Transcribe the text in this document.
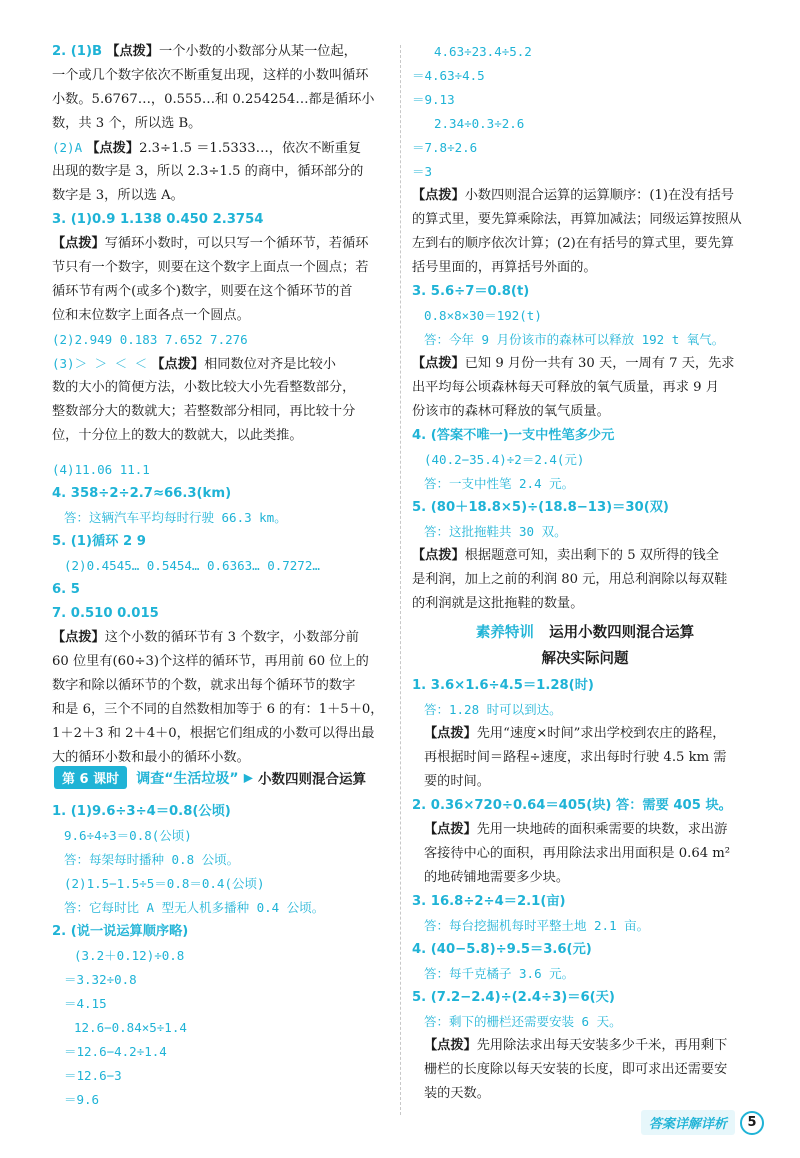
2. (1)B 【点拨】一个小数的小数部分从某一位起，
一个或几个数字依次不断重复出现，这样的小数叫循环
小数。5.6767…，0.555…和 0.254254…都是循环小
数，共 3 个，所以选 B。
(2)A 【点拨】2.3÷1.5 ＝1.5333…，依次不断重复
出现的数字是 3，所以 2.3÷1.5 的商中，循环部分的
数字是 3，所以选 A。
3. (1)0.9 1.138 0.450 2.3754
【点拨】写循环小数时，可以只写一个循环节，若循环
节只有一个数字，则要在这个数字上面点一个圆点；若
循环节有两个(或多个)数字，则要在这个循环节的首
位和末位数字上面各点一个圆点。
(2)2.949 0.183 7.652 7.276
(3)＞ ＞ ＜ ＜ 【点拨】相同数位对齐是比较小
数的大小的简便方法，小数比较大小先看整数部分，
整数部分大的数就大；若整数部分相同，再比较十分
位，十分位上的数大的数就大，以此类推。
(4)11.06 11.1
4. 358÷2÷2.7≈66.3(km)
答：这辆汽车平均每时行驶 66.3 km。
5. (1)循环 2 9
(2)0.4545… 0.5454… 0.6363… 0.7272…
6. 5
7. 0.510 0.015
【点拨】这个小数的循环节有 3 个数字，小数部分前
60 位里有(60÷3)个这样的循环节，再用前 60 位上的
数字和除以循环节的个数，就求出每个循环节的数字
和是 6，三个不同的自然数相加等于 6 的有：1＋5＋0，
1＋2＋3 和 2＋4＋0，根据它们组成的小数可以得出最
大的循环小数和最小的循环小数。
第 6 课时 调查“生活垃圾” ▶ 小数四则混合运算
1. (1)9.6÷3÷4＝0.8(公顷)
9.6÷4÷3＝0.8(公顷)
答：每架每时播种 0.8 公顷。
(2)1.5−1.5÷5＝0.8＝0.4(公顷)
答：它每时比 A 型无人机多播种 0.4 公顷。
2. (说一说运算顺序略)
(3.2＋0.12)÷0.8
＝3.32÷0.8
＝4.15
12.6−0.84×5÷1.4
＝12.6−4.2÷1.4
＝12.6−3
＝9.6
4.63÷23.4÷5.2
＝4.63÷4.5
＝9.13
2.34÷0.3÷2.6
＝7.8÷2.6
＝3
【点拨】小数四则混合运算的运算顺序：(1)在没有括号
的算式里，要先算乘除法，再算加减法；同级运算按照从
左到右的顺序依次计算；(2)在有括号的算式里，要先算
括号里面的，再算括号外面的。
3. 5.6÷7＝0.8(t)
0.8×8×30＝192(t)
答：今年 9 月份该市的森林可以释放 192 t 氧气。
【点拨】已知 9 月份一共有 30 天，一周有 7 天，先求
出平均每公顷森林每天可释放的氧气质量，再求 9 月
份该市的森林可释放的氧气质量。
4. (答案不唯一)一支中性笔多少元
(40.2−35.4)÷2＝2.4(元)
答：一支中性笔 2.4 元。
5. (80＋18.8×5)÷(18.8−13)＝30(双)
答：这批拖鞋共 30 双。
【点拨】根据题意可知，卖出剩下的 5 双所得的钱全
是利润，加上之前的利润 80 元，用总利润除以每双鞋
的利润就是这批拖鞋的数量。
素养特训 运用小数四则混合运算
解决实际问题
1. 3.6×1.6÷4.5＝1.28(时)
答：1.28 时可以到达。
【点拨】先用“速度×时间”求出学校到农庄的路程，
再根据时间＝路程÷速度，求出每时行驶 4.5 km 需
要的时间。
2. 0.36×720÷0.64＝405(块) 答：需要 405 块。
【点拨】先用一块地砖的面积乘需要的块数，求出游
客接待中心的面积，再用除法求出用面积是 0.64 m²
的地砖铺地需要多少块。
3. 16.8÷2÷4＝2.1(亩)
答：每台挖掘机每时平整土地 2.1 亩。
4. (40−5.8)÷9.5＝3.6(元)
答：每千克橘子 3.6 元。
5. (7.2−2.4)÷(2.4÷3)＝6(天)
答：剩下的栅栏还需要安装 6 天。
【点拨】先用除法求出每天安装多少千米，再用剩下
栅栏的长度除以每天安装的长度，即可求出还需要安
装的天数。
答案详解详析 5
